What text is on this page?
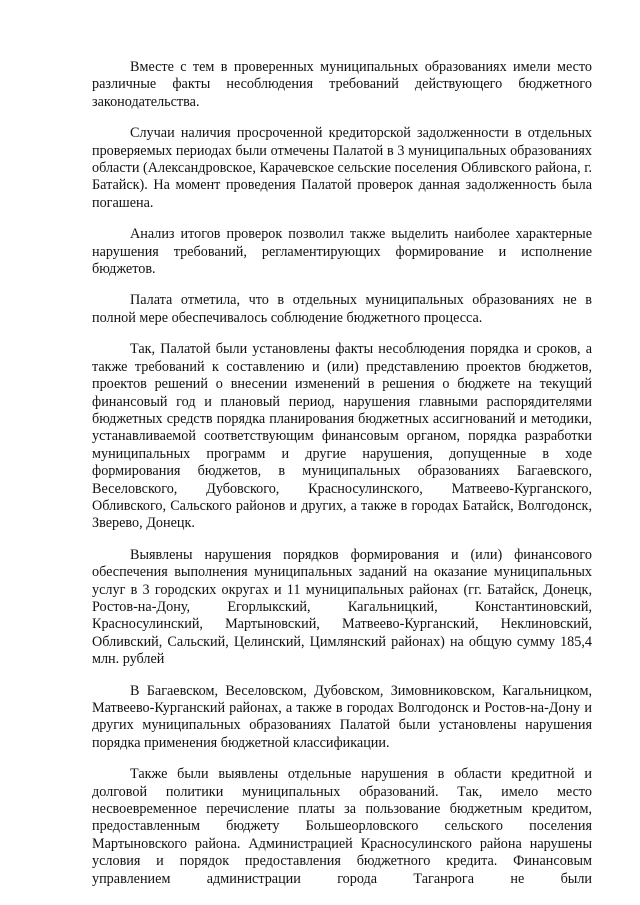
Вместе с тем в проверенных муниципальных образованиях имели место различные факты несоблюдения требований действующего бюджетного законодательства.

Случаи наличия просроченной кредиторской задолженности в отдельных проверяемых периодах были отмечены Палатой в 3 муниципальных образованиях области (Александровское, Карачевское сельские поселения Обливского района, г. Батайск). На момент проведения Палатой проверок данная задолженность была погашена.

Анализ итогов проверок позволил также выделить наиболее характерные нарушения требований, регламентирующих формирование и исполнение бюджетов.

Палата отметила, что в отдельных муниципальных образованиях не в полной мере обеспечивалось соблюдение бюджетного процесса.

Так, Палатой были установлены факты несоблюдения порядка и сроков, а также требований к составлению и (или) представлению проектов бюджетов, проектов решений о внесении изменений в решения о бюджете на текущий финансовый год и плановый период, нарушения главными распорядителями бюджетных средств порядка планирования бюджетных ассигнований и методики, устанавливаемой соответствующим финансовым органом, порядка разработки муниципальных программ и другие нарушения, допущенные в ходе формирования бюджетов, в муниципальных образованиях Багаевского, Веселовского, Дубовского, Красносулинского, Матвеево-Курганского, Обливского, Сальского районов и других, а также в городах Батайск, Волгодонск, Зверево, Донецк.

Выявлены нарушения порядков формирования и (или) финансового обеспечения выполнения муниципальных заданий на оказание муниципальных услуг в 3 городских округах и 11 муниципальных районах (гг. Батайск, Донецк, Ростов-на-Дону, Егорлыкский, Кагальницкий, Константиновский, Красносулинский, Мартыновский, Матвеево-Курганский, Неклиновский, Обливский, Сальский, Целинский, Цимлянский районах) на общую сумму 185,4 млн. рублей

В Багаевском, Веселовском, Дубовском, Зимовниковском, Кагальницком, Матвеево-Курганский районах, а также в городах Волгодонск и Ростов-на-Дону и других муниципальных образованиях Палатой были установлены нарушения порядка применения бюджетной классификации.

Также были выявлены отдельные нарушения в области кредитной и долговой политики муниципальных образований. Так, имело место несвоевременное перечисление платы за пользование бюджетным кредитом, предоставленным бюджету Большеорловского сельского поселения Мартыновского района. Администрацией Красносулинского района нарушены условия и порядок предоставления бюджетного кредита. Финансовым управлением администрации города Таганрога не были
